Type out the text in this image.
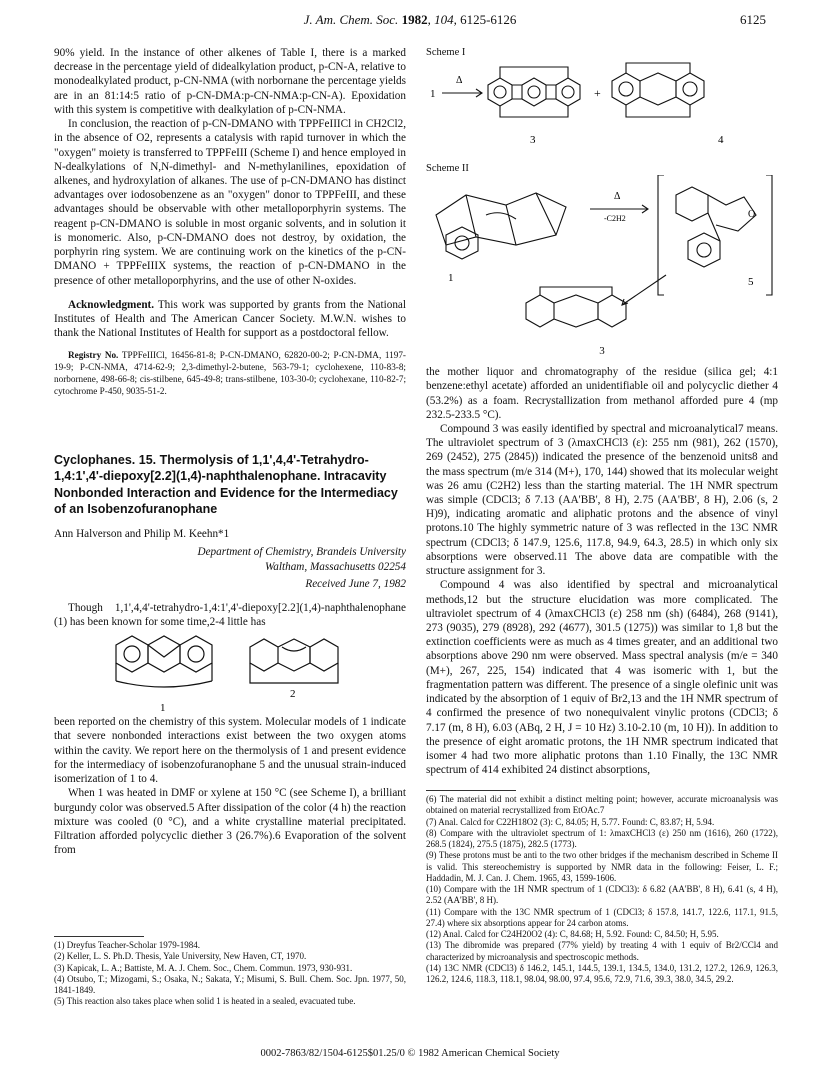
J. Am. Chem. Soc. 1982, 104, 6125-6126	6125

90% yield. In the instance of other alkenes of Table I, there is a marked decrease in the percentage yield of didealkylation product, p-CN-A, relative to monodealkylated product, p-CN-NMA (with norbornane the percentage yields are in an 81:14:5 ratio of p-CN-DMA:p-CN-NMA:p-CN-A). Epoxidation with this system is competitive with dealkylation of p-CN-NMA.

In conclusion, the reaction of p-CN-DMANO with TPPFeIIICl in CH2Cl2, in the absence of O2, represents a catalysis with rapid turnover in which the "oxygen" moiety is transferred to TPPFeIII (Scheme I) and hence employed in N-dealkylations of N,N-dimethyl- and N-methylanilines, epoxidation of alkenes, and hydroxylation of alkanes. The use of p-CN-DMANO has distinct advantages over iodosobenzene as an "oxygen" donor to TPPFeIII, and these advantages should be observable with other metalloporphyrin systems. The reagent p-CN-DMANO is soluble in most organic solvents, and in solution it is monomeric. Also, p-CN-DMANO does not destroy, by oxidation, the porphyrin ring system. We are continuing work on the kinetics of the p-CN-DMANO + TPPFeIIIX systems, the reaction of p-CN-DMANO in the presence of other metalloporphyrins, and the use of other N-oxides.

Acknowledgment. This work was supported by grants from the National Institutes of Health and The American Cancer Society. M.W.N. wishes to thank the National Institutes of Health for support as a postdoctoral fellow.

Registry No. TPPFeIIICl, 16456-81-8; P-CN-DMANO, 62820-00-2; P-CN-DMA, 1197-19-9; P-CN-NMA, 4714-62-9; 2,3-dimethyl-2-butene, 563-79-1; cyclohexene, 110-83-8; norbornene, 498-66-8; cis-stilbene, 645-49-8; trans-stilbene, 103-30-0; cyclohexane, 110-82-7; cytochrome P-450, 9035-51-2.

Cyclophanes. 15. Thermolysis of 1,1',4,4'-Tetrahydro-1,4:1',4'-diepoxy[2.2](1,4)-naphthalenophane. Intracavity Nonbonded Interaction and Evidence for the Intermediacy of an Isobenzofuranophane
Ann Halverson and Philip M. Keehn*1
Department of Chemistry, Brandeis University
Waltham, Massachusetts 02254
Received June 7, 1982

Though 1,1',4,4'-tetrahydro-1,4:1',4'-diepoxy[2.2](1,4)-naphthalenophane (1) has been known for some time,2-4 little has

1
2

been reported on the chemistry of this system. Molecular models of 1 indicate that severe nonbonded interactions exist between the two oxygen atoms within the cavity. We report here on the thermolysis of 1 and present evidence for the intermediacy of isobenzofuranophane 5 and the unusual strain-induced isomerization of 1 to 4.

When 1 was heated in DMF or xylene at 150 °C (see Scheme I), a brilliant burgundy color was observed.5 After dissipation of the color (4 h) the reaction mixture was cooled (0 °C), and a white crystalline material precipitated. Filtration afforded polycyclic diether 3 (26.7%).6 Evaporation of the solvent from

(1) Dreyfus Teacher-Scholar 1979-1984.
(2) Keller, L. S. Ph.D. Thesis, Yale University, New Haven, CT, 1970.
(3) Kapicak, L. A.; Battiste, M. A. J. Chem. Soc., Chem. Commun. 1973, 930-931.
(4) Otsubo, T.; Mizogami, S.; Osaka, N.; Sakata, Y.; Misumi, S. Bull. Chem. Soc. Jpn. 1977, 50, 1841-1849.
(5) This reaction also takes place when solid 1 is heated in a sealed, evacuated tube.
Scheme I
1
Δ
3
+
4
Scheme II
1
Δ
-C2H2	O
5
3

the mother liquor and chromatography of the residue (silica gel; 4:1 benzene:ethyl acetate) afforded an unidentifiable oil and polycyclic diether 4 (53.2%) as a foam. Recrystallization from methanol afforded pure 4 (mp 232.5-233.5 °C).

Compound 3 was easily identified by spectral and microanalytical7 means. The ultraviolet spectrum of 3 (λmaxCHCl3 (ε): 255 nm (981), 262 (1570), 269 (2452), 275 (2845)) indicated the presence of the benzenoid units8 and the mass spectrum (m/e 314 (M+), 170, 144) showed that its molecular weight was 26 amu (C2H2) less than the starting material. The 1H NMR spectrum was simple (CDCl3; δ 7.13 (AA'BB', 8 H), 2.75 (AA'BB', 8 H), 2.06 (s, 2 H)9), indicating aromatic and aliphatic protons and the absence of vinyl protons.10 The highly symmetric nature of 3 was reflected in the 13C NMR spectrum (CDCl3; δ 147.9, 125.6, 117.8, 94.9, 64.3, 28.5) in which only six absorptions were observed.11 The above data are compatible with the structure assignment for 3.

Compound 4 was also identified by spectral and microanalytical methods,12 but the structure elucidation was more complicated. The ultraviolet spectrum of 4 (λmaxCHCl3 (ε) 258 nm (sh) (6484), 268 (9141), 273 (9035), 279 (8928), 292 (4677), 301.5 (1275)) was similar to 1,8 but the extinction coefficients were as much as 4 times greater, and an additional two absorptions above 290 nm were observed. Mass spectral analysis (m/e = 340 (M+), 267, 225, 154) indicated that 4 was isomeric with 1, but the fragmentation pattern was different. The presence of a single olefinic unit was indicated by the absorption of 1 equiv of Br2,13 and the 1H NMR spectrum of 4 confirmed the presence of two nonequivalent vinylic protons (CDCl3; δ 7.17 (m, 8 H), 6.03 (ABq, 2 H, J = 10 Hz) 3.10-2.10 (m, 10 H)). In addition to the presence of eight aromatic protons, the 1H NMR spectrum indicated that isomer 4 had two more aliphatic protons than 1.10 Finally, the 13C NMR spectrum of 414 exhibited 24 distinct absorptions,

(6) The material did not exhibit a distinct melting point; however, accurate microanalysis was obtained on material recrystallized from EtOAc.7
(7) Anal. Calcd for C22H18O2 (3): C, 84.05; H, 5.77. Found: C, 83.87; H, 5.94.
(8) Compare with the ultraviolet spectrum of 1: λmaxCHCl3 (ε) 250 nm (1616), 260 (1722), 268.5 (1824), 275.5 (1875), 282.5 (1773).
(9) These protons must be anti to the two other bridges if the mechanism described in Scheme II is valid. This stereochemistry is supported by NMR data in the following: Feiser, L. F.; Haddadin, M. J. Can. J. Chem. 1965, 43, 1599-1606.
(10) Compare with the 1H NMR spectrum of 1 (CDCl3): δ 6.82 (AA'BB', 8 H), 6.41 (s, 4 H), 2.52 (AA'BB', 8 H).
(11) Compare with the 13C NMR spectrum of 1 (CDCl3; δ 157.8, 141.7, 122.6, 117.1, 91.5, 27.4) where six absorptions appear for 24 carbon atoms.
(12) Anal. Calcd for C24H20O2 (4): C, 84.68; H, 5.92. Found: C, 84.50; H, 5.95.
(13) The dibromide was prepared (77% yield) by treating 4 with 1 equiv of Br2/CCl4 and characterized by microanalysis and spectroscopic methods.
(14) 13C NMR (CDCl3) δ 146.2, 145.1, 144.5, 139.1, 134.5, 134.0, 131.2, 127.2, 126.9, 126.3, 126.2, 124.6, 118.3, 118.1, 98.04, 98.00, 97.4, 95.6, 72.9, 71.6, 39.3, 38.0, 34.5, 29.2.
0002-7863/82/1504-6125$01.25/0 © 1982 American Chemical Society
